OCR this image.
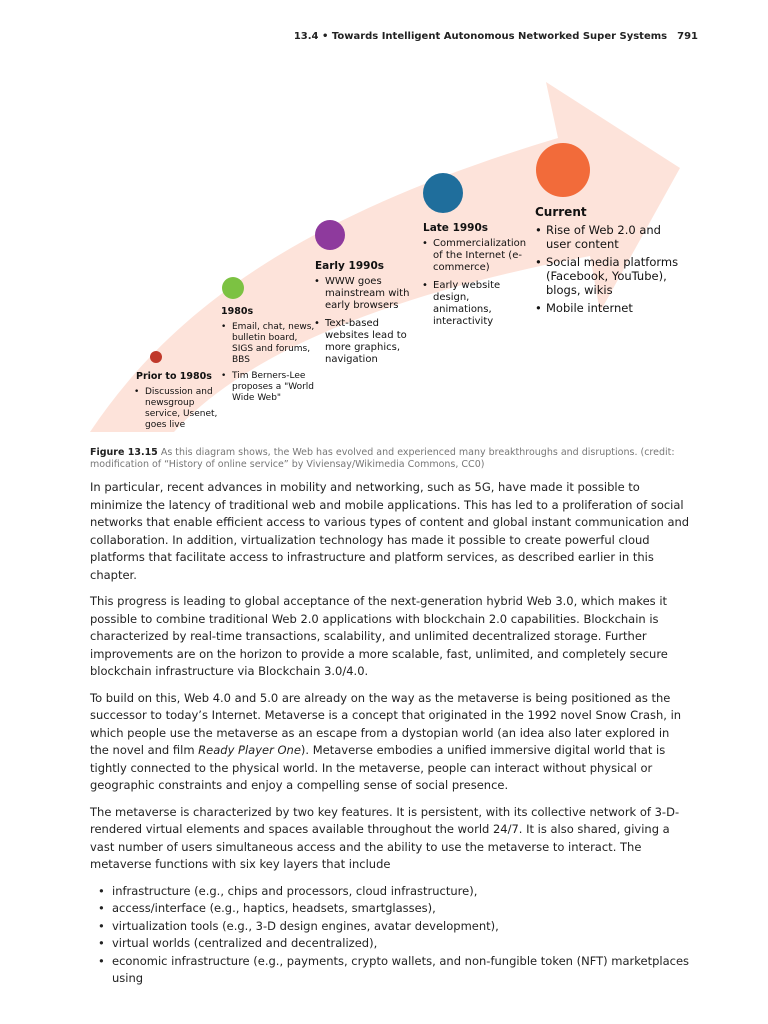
13.4 • Towards Intelligent Autonomous Networked Super Systems 791
Prior to 1980s
• Discussion and newsgroup service, Usenet, goes live
1980s
• Email, chat, news, bulletin board, SIGS and forums, BBS
• Tim Berners-Lee proposes a "World Wide Web"
Early 1990s
• WWW goes mainstream with early browsers
• Text-based websites lead to more graphics, navigation
Late 1990s
• Commercialization of the Internet (e-commerce)
• Early website design, animations, interactivity
Current
• Rise of Web 2.0 and user content
• Social media platforms (Facebook, YouTube), blogs, wikis
• Mobile internet
Figure 13.15 As this diagram shows, the Web has evolved and experienced many breakthroughs and disruptions. (credit: modification of “History of online service” by Viviensay/Wikimedia Commons, CC0)

In particular, recent advances in mobility and networking, such as 5G, have made it possible to minimize the latency of traditional web and mobile applications. This has led to a proliferation of social networks that enable efficient access to various types of content and global instant communication and collaboration. In addition, virtualization technology has made it possible to create powerful cloud platforms that facilitate access to infrastructure and platform services, as described earlier in this chapter.

This progress is leading to global acceptance of the next-generation hybrid Web 3.0, which makes it possible to combine traditional Web 2.0 applications with blockchain 2.0 capabilities. Blockchain is characterized by real-time transactions, scalability, and unlimited decentralized storage. Further improvements are on the horizon to provide a more scalable, fast, unlimited, and completely secure blockchain infrastructure via Blockchain 3.0/4.0.

To build on this, Web 4.0 and 5.0 are already on the way as the metaverse is being positioned as the successor to today’s Internet. Metaverse is a concept that originated in the 1992 novel Snow Crash, in which people use the metaverse as an escape from a dystopian world (an idea also later explored in the novel and film Ready Player One). Metaverse embodies a unified immersive digital world that is tightly connected to the physical world. In the metaverse, people can interact without physical or geographic constraints and enjoy a compelling sense of social presence.

The metaverse is characterized by two key features. It is persistent, with its collective network of 3-D-rendered virtual elements and spaces available throughout the world 24/7. It is also shared, giving a vast number of users simultaneous access and the ability to use the metaverse to interact. The metaverse functions with six key layers that include

• infrastructure (e.g., chips and processors, cloud infrastructure),
• access/interface (e.g., haptics, headsets, smartglasses),
• virtualization tools (e.g., 3-D design engines, avatar development),
• virtual worlds (centralized and decentralized),
• economic infrastructure (e.g., payments, crypto wallets, and non-fungible token (NFT) marketplaces using
